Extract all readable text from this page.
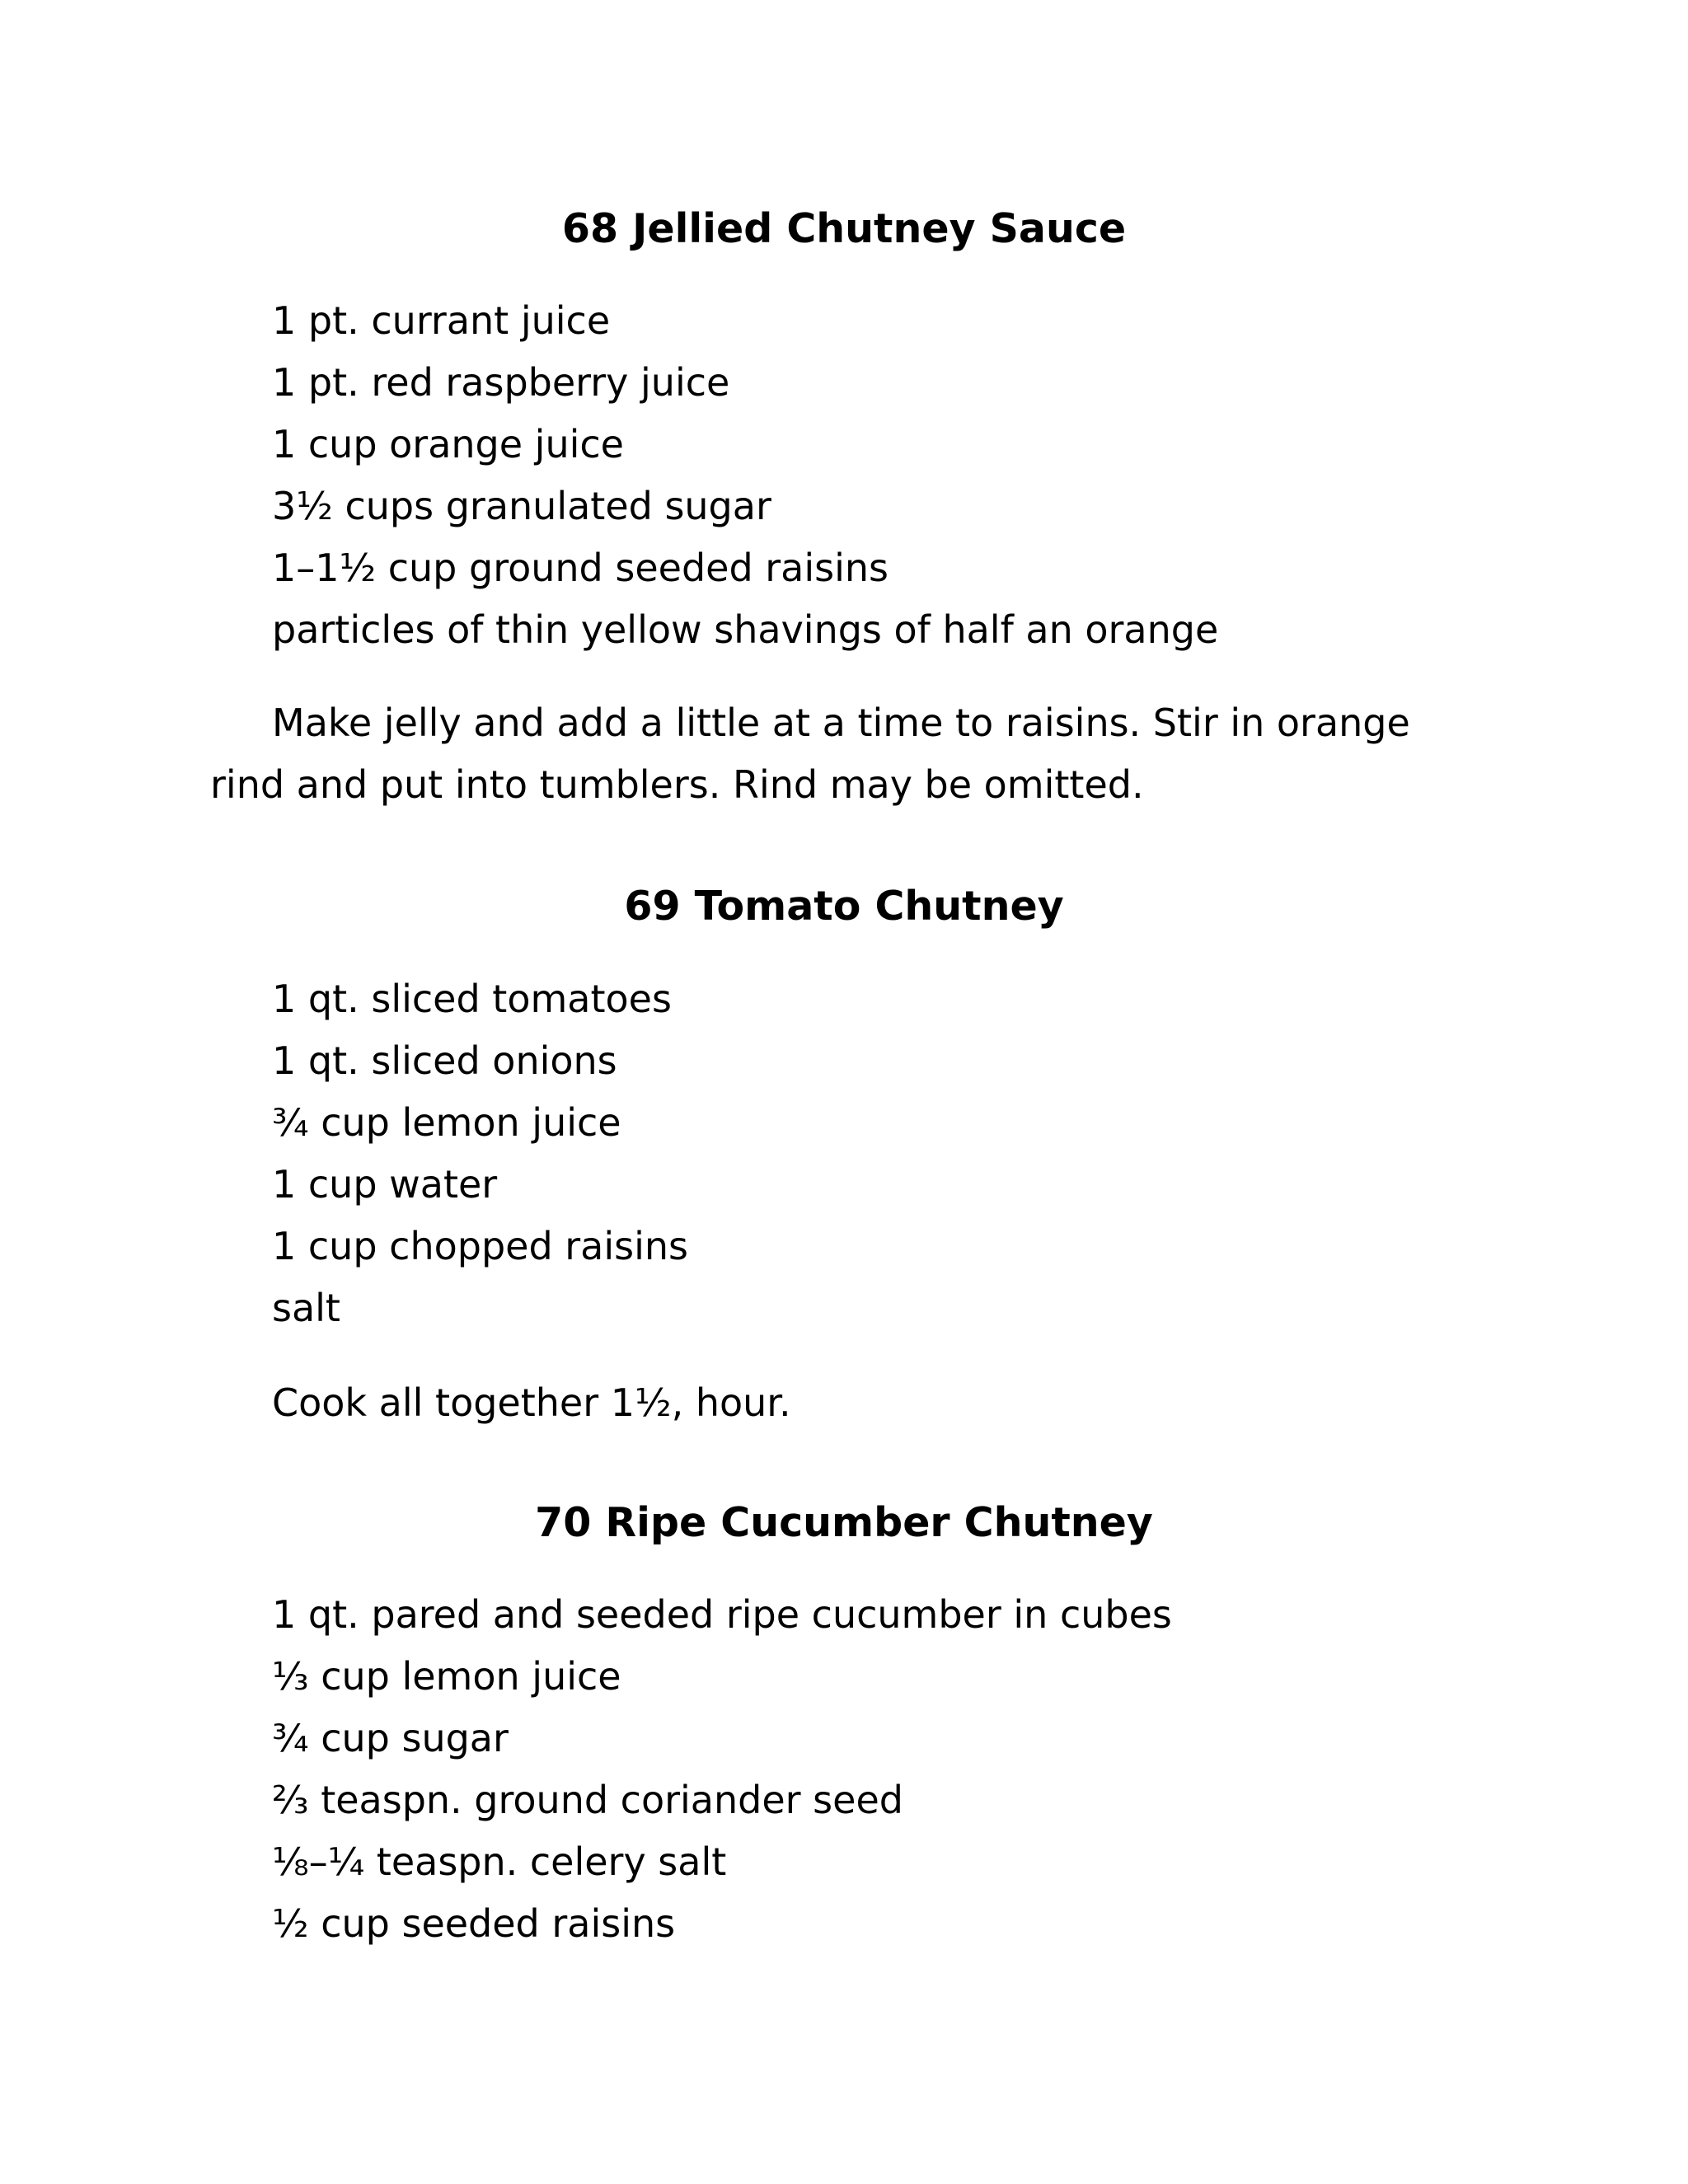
68 Jellied Chutney Sauce
1 pt. currant juice
1 pt. red raspberry juice
1 cup orange juice
3½ cups granulated sugar
1–1½ cup ground seeded raisins
particles of thin yellow shavings of half an orange

Make jelly and add a little at a time to raisins. Stir in orange rind and put into tumblers. Rind may be omitted.

69 Tomato Chutney
1 qt. sliced tomatoes
1 qt. sliced onions
¾ cup lemon juice
1 cup water
1 cup chopped raisins
salt

Cook all together 1½, hour.

70 Ripe Cucumber Chutney
1 qt. pared and seeded ripe cucumber in cubes
⅓ cup lemon juice
¾ cup sugar
⅔ teaspn. ground coriander seed
⅛–¼ teaspn. celery salt
½ cup seeded raisins
